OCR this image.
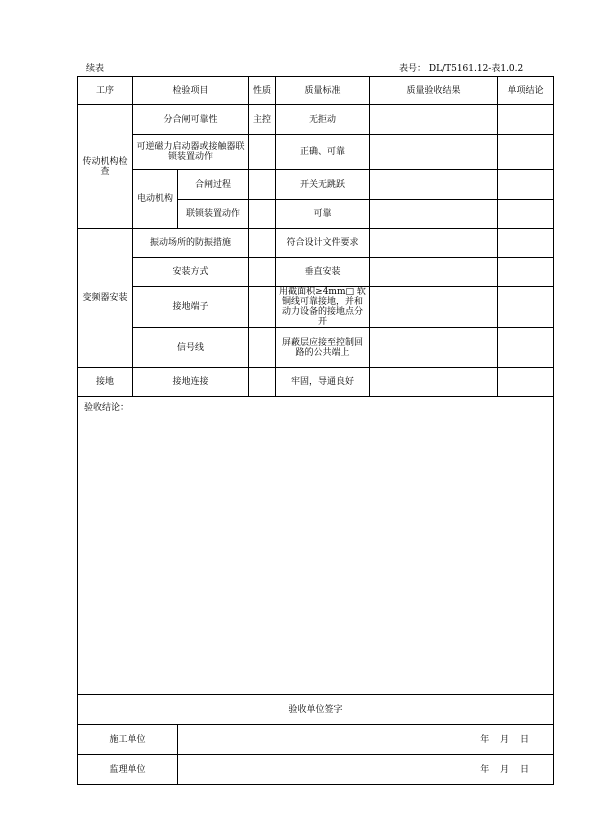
续表	表号： DL/T5161.12-表1.0.2
工序	检验项目		性质	质量标准	质量验收结果	单项结论
传动机构检查	分合闸可靠性		主控	无拒动		
	可逆磁力启动器或接触器联锁装置动作			正确、可靠		
	电动机构	合闸过程		开关无跳跃		
		联锁装置动作		可靠		
变频器安装	振动场所的防振措施			符合设计文件要求		
	安装方式			垂直安装		
	接地端子			用截面积≥4mm□ 软铜线可靠接地，并和动力设备的接地点分开		
	信号线			屏蔽层应接至控制回路的公共端上		
接地	接地连接			牢固，导通良好		
验收结论：						
验收单位签字						
施工单位		年 月 日				
监理单位		年 月 日				
